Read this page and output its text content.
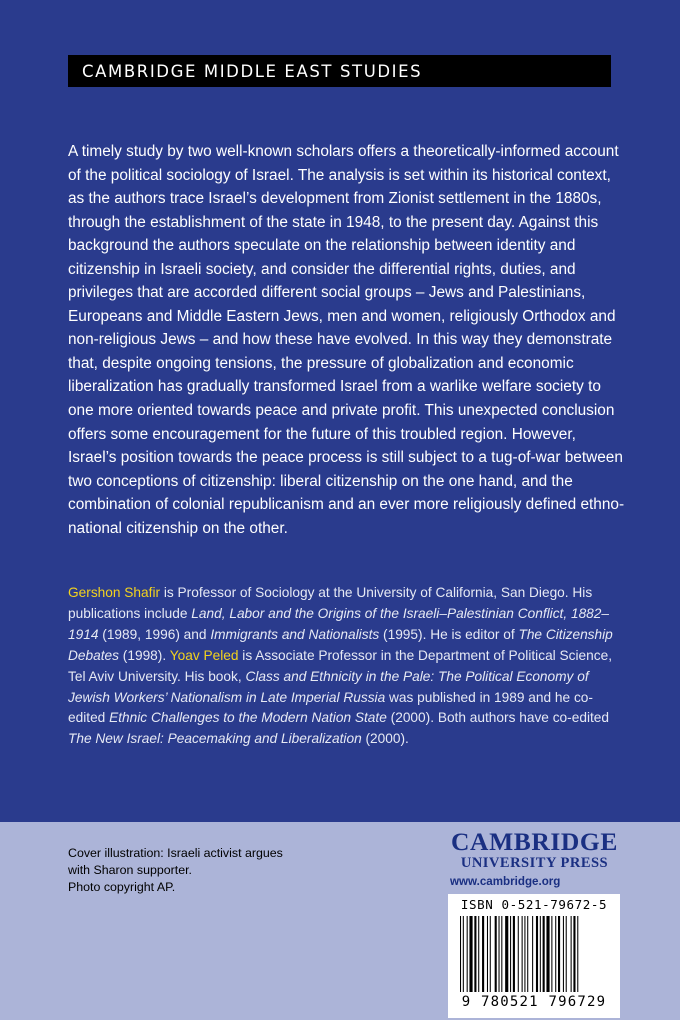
CAMBRIDGE MIDDLE EAST STUDIES

A timely study by two well-known scholars offers a theoretically-informed account of the political sociology of Israel. The analysis is set within its historical context, as the authors trace Israel’s development from Zionist settlement in the 1880s, through the establishment of the state in 1948, to the present day. Against this background the authors speculate on the relationship between identity and citizenship in Israeli society, and consider the differential rights, duties, and privileges that are accorded different social groups – Jews and Palestinians, Europeans and Middle Eastern Jews, men and women, religiously Orthodox and non-religious Jews – and how these have evolved. In this way they demonstrate that, despite ongoing tensions, the pressure of globalization and economic liberalization has gradually transformed Israel from a warlike welfare society to one more oriented towards peace and private profit. This unexpected conclusion offers some encouragement for the future of this troubled region. However, Israel’s position towards the peace process is still subject to a tug-of-war between two conceptions of citizenship: liberal citizenship on the one hand, and the combination of colonial republicanism and an ever more religiously defined ethno-national citizenship on the other.

Gershon Shafir is Professor of Sociology at the University of California, San Diego. His publications include Land, Labor and the Origins of the Israeli–Palestinian Conflict, 1882–1914 (1989, 1996) and Immigrants and Nationalists (1995). He is editor of The Citizenship Debates (1998). Yoav Peled is Associate Professor in the Department of Political Science, Tel Aviv University. His book, Class and Ethnicity in the Pale: The Political Economy of Jewish Workers’ Nationalism in Late Imperial Russia was published in 1989 and he co-edited Ethnic Challenges to the Modern Nation State (2000). Both authors have co-edited The New Israel: Peacemaking and Liberalization (2000).

Cover illustration: Israeli activist argues
with Sharon supporter.
Photo copyright AP.

CAMBRIDGE
UNIVERSITY PRESS
www.cambridge.org
ISBN 0-521-79672-5
9 780521 796729
